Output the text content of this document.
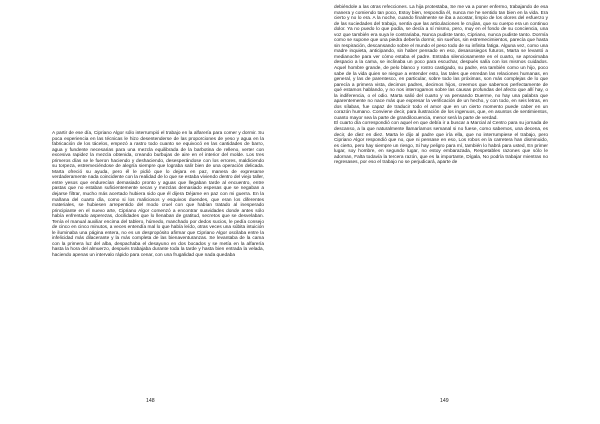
A partir de ese día, Cipriano Algor sólo interrumpió el trabajo en la alfarería para comer y dormir. Su poca experiencia en las técnicas le hizo desentenderse de las proporciones de yeso y agua en la fabricación de los tácelos, empezó a rastro todo cuanto se equivocó en las cantidades de barro, agua y fundente necesarias para una mezcla equilibrada de la barbotina de relleno, verter con excesiva rapidez la mezcla obtenida, creando burbujas de aire en el interior del molde. Los tres primeros días se le fueron haciendo y deshaciendo, desesperándose con los errores, maldiciendo su torpeza, estremeciéndose de alegría siempre que lograba salir bien de una operación delicada. Marta ofreció su ayuda, pero él le pidió que lo dejara en paz, manera de expresarse verdaderamente nada coincidente con la realidad de lo que se estaba viviendo dentro del viejo taller, entre yesos que endurecían demasiado pronto y aguas que llegaban tarde al encuentro, entre pastas que no estaban suficientemente secas y mezclas demasiado espesas que se negaban a dejarse filtrar, mucho más acertado hubiera sido que él dijera Déjame en paz con mi guerra. En la mañana del cuarto día, como si los maliciosos y esquivos duendes, que eran los diferentes materiales, se hubiesen arrepentido del modo cruel con que habían tratado al inesperado principiante en el nuevo arte, Cipriano Algor comenzó a encontrar suavidades donde antes sólo había enfrentado asperezas, docilidades que lo llenaban de gratitud, secretos que se desvelaban. Tenía el manual auxiliar encima del tablero, húmedo, manchado por dedos sucios, le pedía consejo de cinco en cinco minutos, a veces entendía mal lo que había leído, otras veces una súbita intuición le iluminaba una página entera, no es un despropósito afirmar que Cipriano Algor oscilaba entre la infelicidad más dilacerante y la más completa de las bienaventuranzas. Se levantaba de la cama con la primera luz del alba, despachaba el desayuno en dos bocados y se metía en la alfarería hasta la hora del almuerzo, después trabajaba durante toda la tarde y hasta bien entrada la velada, haciendo apenas un intervalo rápido para cenar, con una frugalidad que nada quedaba

148

debiéndole a las otras refecciones. La hija protestaba, Se me va a poner enfermo, trabajando de esa manera y comiendo tan poco, Estoy bien, respondía él, nunca me he sentido tan bien en la vida. Era cierto y no lo era. A la noche, cuando finalmente se iba a acostar, limpio de los olores del esfuerzo y de las suciedades del trabajo, sentía que las articulaciones le crujían, que su cuerpo era un continuo dolor. Ya no puedo lo que podía, se decía a sí mismo, pero, muy en el fondo de su conciencia, una voz que también era suya le contrariaba, Nunca pudiste tanto, Cipriano, nunca pudiste tanto. Dormía como se supone que una piedra debería dormir, sin sueños, sin estremecimientos, parecía que hasta sin respiración, descansando sobre el mundo el peso todo de su infinita fatiga. Alguna vez, como una madre inquieta, anticipando, sin haber pensado en eso, desasosiegos futuros, Marta se levantó a medianoche para ver cómo estaba el padre. Entraba silenciosamente en el cuarto, se aproximaba despacio a la cama, se inclinaba un poco para escuchar, después salía con los mismos cuidados. Aquel hombre grande, de pelo blanco y rostro castigado, su padre, era también como un hijo, poco sabe de la vida quien se niegue a entender esto, las tales que enredan las relaciones humanas, en general, y las de parentesco, en particular, sobre todo las próximas, son más complejas de lo que parecía a primera vista, decimos padres, decimos hijos, creemos que sabemos perfectamente de qué estamos hablando, y no nos interrogamos sobre las causas profundas del afecto que allí hay, o la indiferencia, o el odio. Marta salió del cuarto y va pensando Duerme, no hay una palabra que aparentemente no nace más que expresar la verificación de un hecho, y con todo, en seis letras, en dos sílabas, fue capaz de traducir todo el amor que en un cierto momento puede caber en un corazón humano. Conviene decir, para ilustración de los ingenuos, que, en asuntos de sentimientos, cuanto mayor sea la parte de grandilocuencia, menor será la parte de verdad.

El cuarto día correspondió con aquel en que debía ir a buscar a Marcial al Centro para su jornada de descanso, a la que naturalmente llamaríamos semanal si no fuese, como sabemos, una decena, es decir, de diez en diez. Marta le dijo al padre que iría ella, que no interrumpiese el trabajo, pero Cipriano Algor respondió que no, que ni pensase en eso, Los robos en la carretera han disminuido, es cierto, pero hay siempre un riesgo, Si hay peligro para mí, también lo habrá para usted, En primer lugar, soy hombre, en segundo lugar, no estoy embarazada, Respetables razones que sólo le adornan, Falta todavía la tercera razón, que es la importante, Dígala, No podría trabajar mientras no regresases, por eso el trabajo no se perjudicará, aparte de

149
